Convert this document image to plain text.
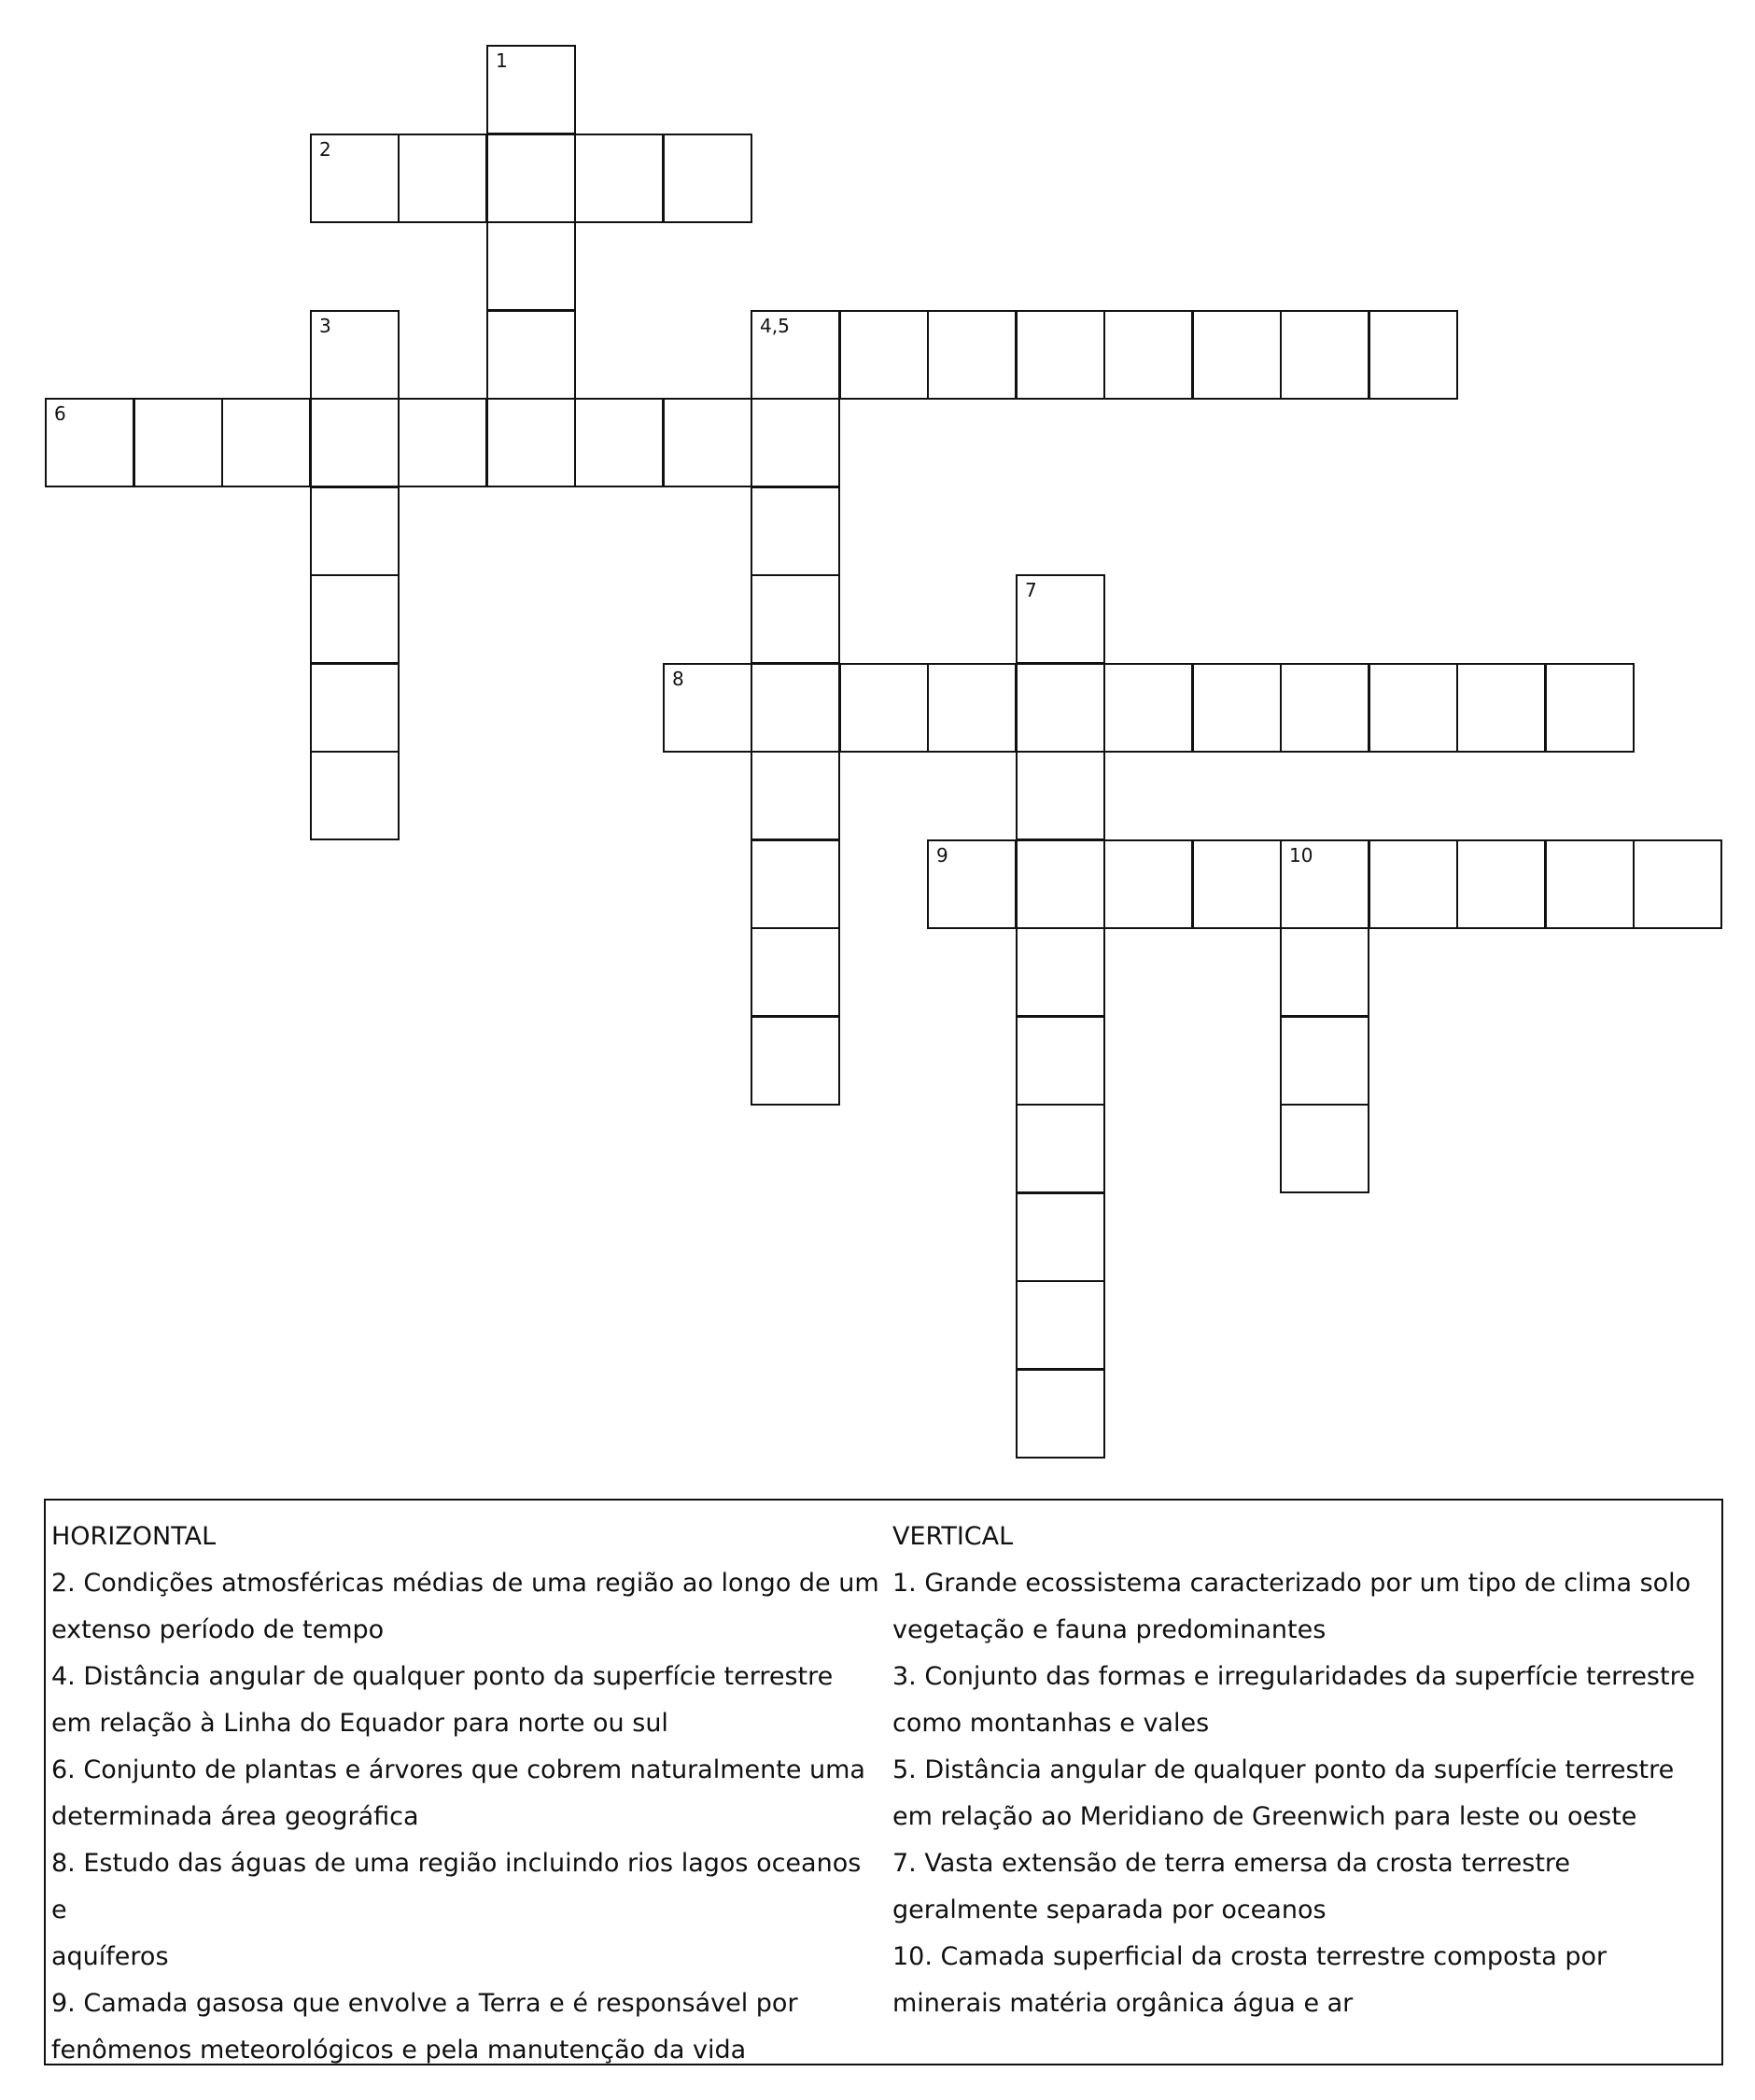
1
2
3	4,5
6
7
8
9	10

HORIZONTAL

2. Condições atmosféricas médias de uma região ao longo de um

extenso período de tempo

4. Distância angular de qualquer ponto da superfície terrestre

em relação à Linha do Equador para norte ou sul

6. Conjunto de plantas e árvores que cobrem naturalmente uma

determinada área geográfica

8. Estudo das águas de uma região incluindo rios lagos oceanos e

aquíferos

9. Camada gasosa que envolve a Terra e é responsável por

fenômenos meteorológicos e pela manutenção da vida

VERTICAL

1. Grande ecossistema caracterizado por um tipo de clima solo

vegetação e fauna predominantes

3. Conjunto das formas e irregularidades da superfície terrestre

como montanhas e vales

5. Distância angular de qualquer ponto da superfície terrestre

em relação ao Meridiano de Greenwich para leste ou oeste

7. Vasta extensão de terra emersa da crosta terrestre

geralmente separada por oceanos

10. Camada superficial da crosta terrestre composta por

minerais matéria orgânica água e ar
